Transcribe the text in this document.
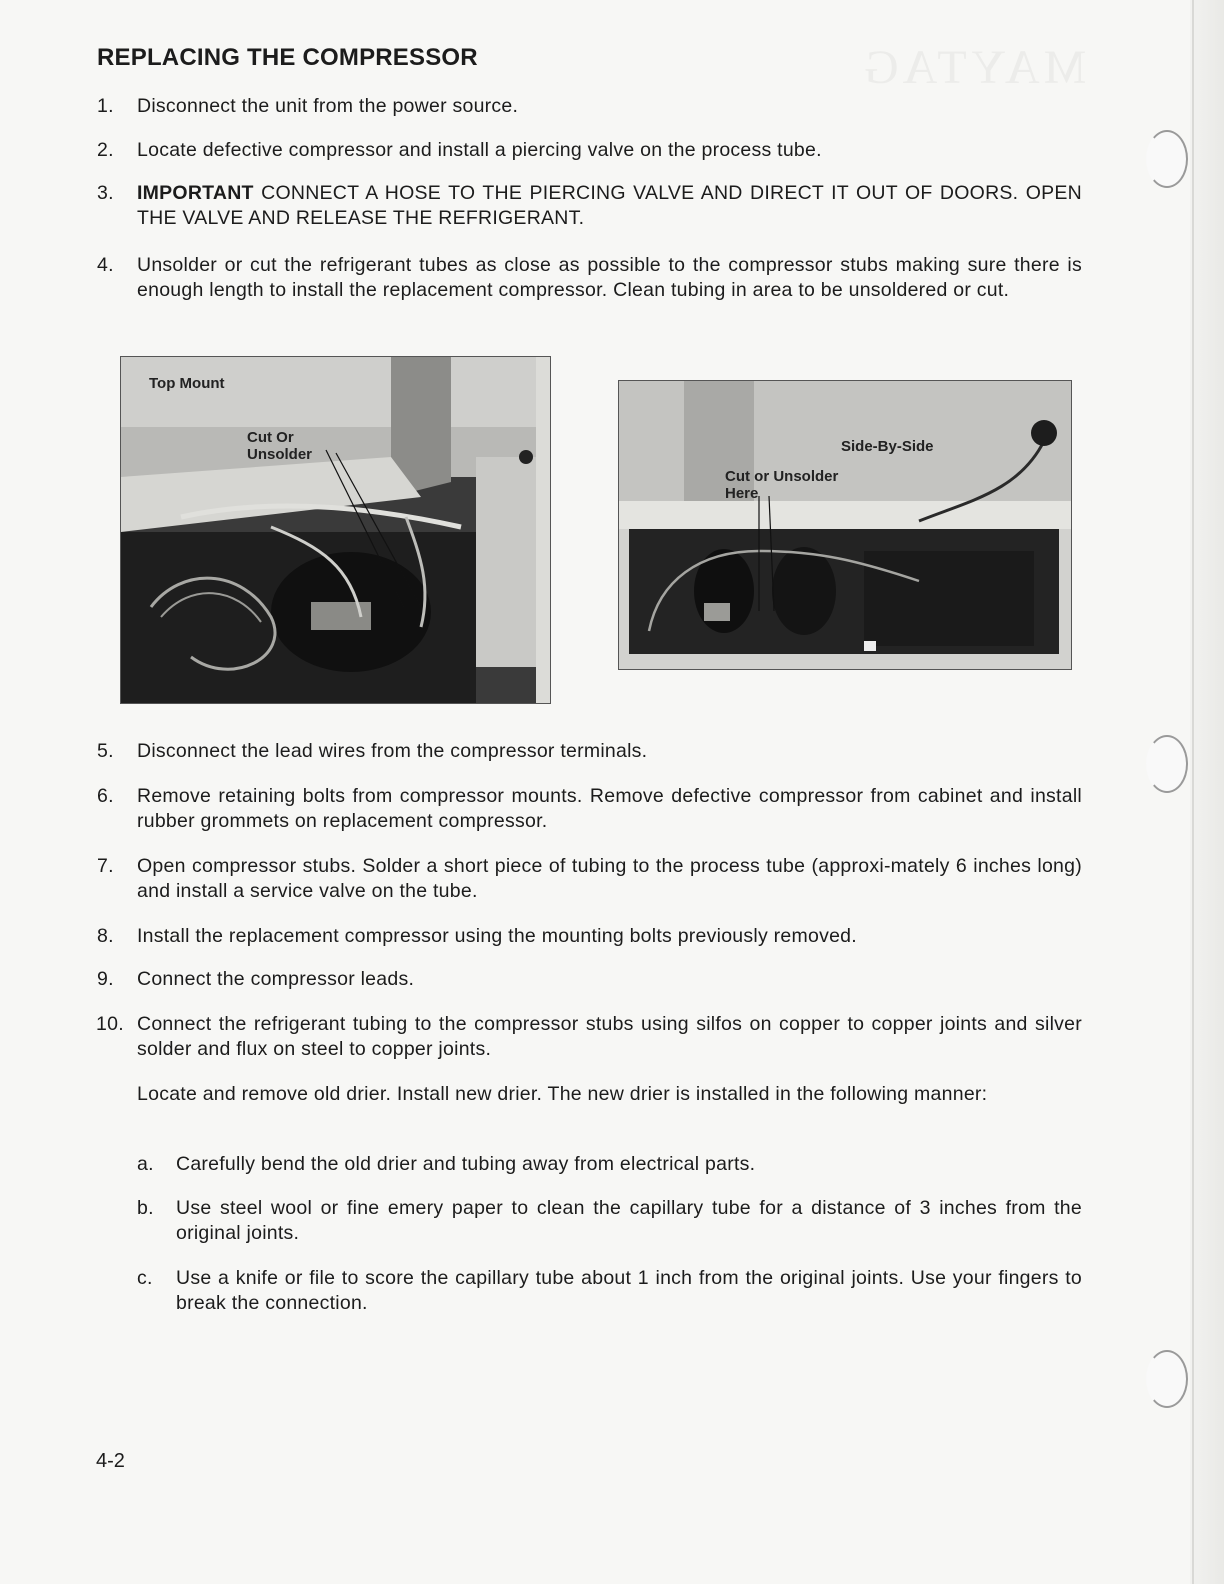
MAYTAG
REPLACING THE COMPRESSOR
1. Disconnect the unit from the power source.
2. Locate defective compressor and install a piercing valve on the process tube.
3. IMPORTANT CONNECT A HOSE TO THE PIERCING VALVE AND DIRECT IT OUT OF DOORS. OPEN THE VALVE AND RELEASE THE REFRIGERANT.
4. Unsolder or cut the refrigerant tubes as close as possible to the compressor stubs making sure there is enough length to install the replacement compressor. Clean tubing in area to be unsoldered or cut.
Top Mount
Cut Or Unsolder	Side-By-Side
Cut or Unsolder Here
5. Disconnect the lead wires from the compressor terminals.
6. Remove retaining bolts from compressor mounts. Remove defective compressor from cabinet and install rubber grommets on replacement compressor.
7. Open compressor stubs. Solder a short piece of tubing to the process tube (approxi-mately 6 inches long) and install a service valve on the tube.
8. Install the replacement compressor using the mounting bolts previously removed.
9. Connect the compressor leads.
10. Connect the refrigerant tubing to the compressor stubs using silfos on copper to copper joints and silver solder and flux on steel to copper joints.
Locate and remove old drier. Install new drier. The new drier is installed in the following manner:
a. Carefully bend the old drier and tubing away from electrical parts.
b. Use steel wool or fine emery paper to clean the capillary tube for a distance of 3 inches from the original joints.
c. Use a knife or file to score the capillary tube about 1 inch from the original joints. Use your fingers to break the connection.
4-2
